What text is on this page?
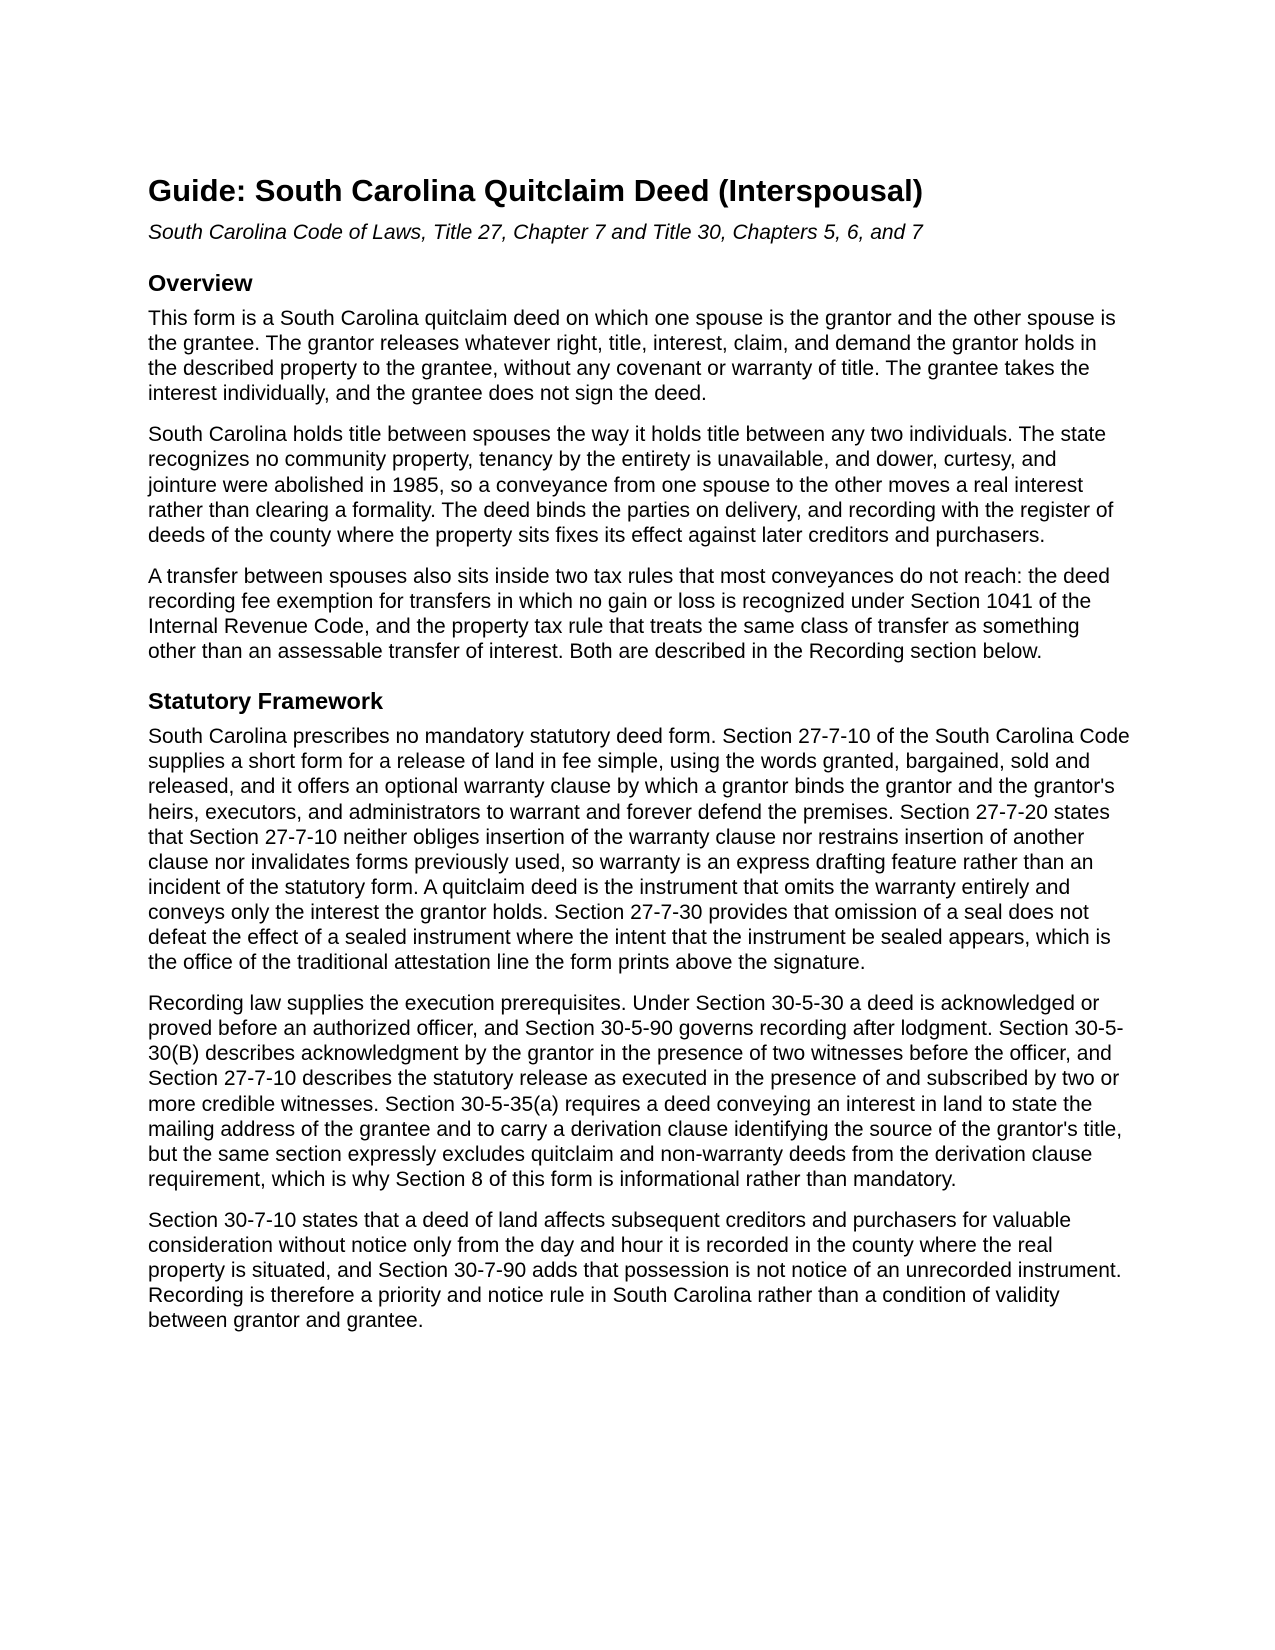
Guide: South Carolina Quitclaim Deed (Interspousal)
South Carolina Code of Laws, Title 27, Chapter 7 and Title 30, Chapters 5, 6, and 7
Overview

This form is a South Carolina quitclaim deed on which one spouse is the grantor and the other spouse is the grantee. The grantor releases whatever right, title, interest, claim, and demand the grantor holds in the described property to the grantee, without any covenant or warranty of title. The grantee takes the interest individually, and the grantee does not sign the deed.

South Carolina holds title between spouses the way it holds title between any two individuals. The state recognizes no community property, tenancy by the entirety is unavailable, and dower, curtesy, and jointure were abolished in 1985, so a conveyance from one spouse to the other moves a real interest rather than clearing a formality. The deed binds the parties on delivery, and recording with the register of deeds of the county where the property sits fixes its effect against later creditors and purchasers.

A transfer between spouses also sits inside two tax rules that most conveyances do not reach: the deed recording fee exemption for transfers in which no gain or loss is recognized under Section 1041 of the Internal Revenue Code, and the property tax rule that treats the same class of transfer as something other than an assessable transfer of interest. Both are described in the Recording section below.

Statutory Framework

South Carolina prescribes no mandatory statutory deed form. Section 27-7-10 of the South Carolina Code supplies a short form for a release of land in fee simple, using the words granted, bargained, sold and released, and it offers an optional warranty clause by which a grantor binds the grantor and the grantor's heirs, executors, and administrators to warrant and forever defend the premises. Section 27-7-20 states that Section 27-7-10 neither obliges insertion of the warranty clause nor restrains insertion of another clause nor invalidates forms previously used, so warranty is an express drafting feature rather than an incident of the statutory form. A quitclaim deed is the instrument that omits the warranty entirely and conveys only the interest the grantor holds. Section 27-7-30 provides that omission of a seal does not defeat the effect of a sealed instrument where the intent that the instrument be sealed appears, which is the office of the traditional attestation line the form prints above the signature.

Recording law supplies the execution prerequisites. Under Section 30-5-30 a deed is acknowledged or proved before an authorized officer, and Section 30-5-90 governs recording after lodgment. Section 30-5-30(B) describes acknowledgment by the grantor in the presence of two witnesses before the officer, and Section 27-7-10 describes the statutory release as executed in the presence of and subscribed by two or more credible witnesses. Section 30-5-35(a) requires a deed conveying an interest in land to state the mailing address of the grantee and to carry a derivation clause identifying the source of the grantor's title, but the same section expressly excludes quitclaim and non-warranty deeds from the derivation clause requirement, which is why Section 8 of this form is informational rather than mandatory.

Section 30-7-10 states that a deed of land affects subsequent creditors and purchasers for valuable consideration without notice only from the day and hour it is recorded in the county where the real property is situated, and Section 30-7-90 adds that possession is not notice of an unrecorded instrument. Recording is therefore a priority and notice rule in South Carolina rather than a condition of validity between grantor and grantee.
